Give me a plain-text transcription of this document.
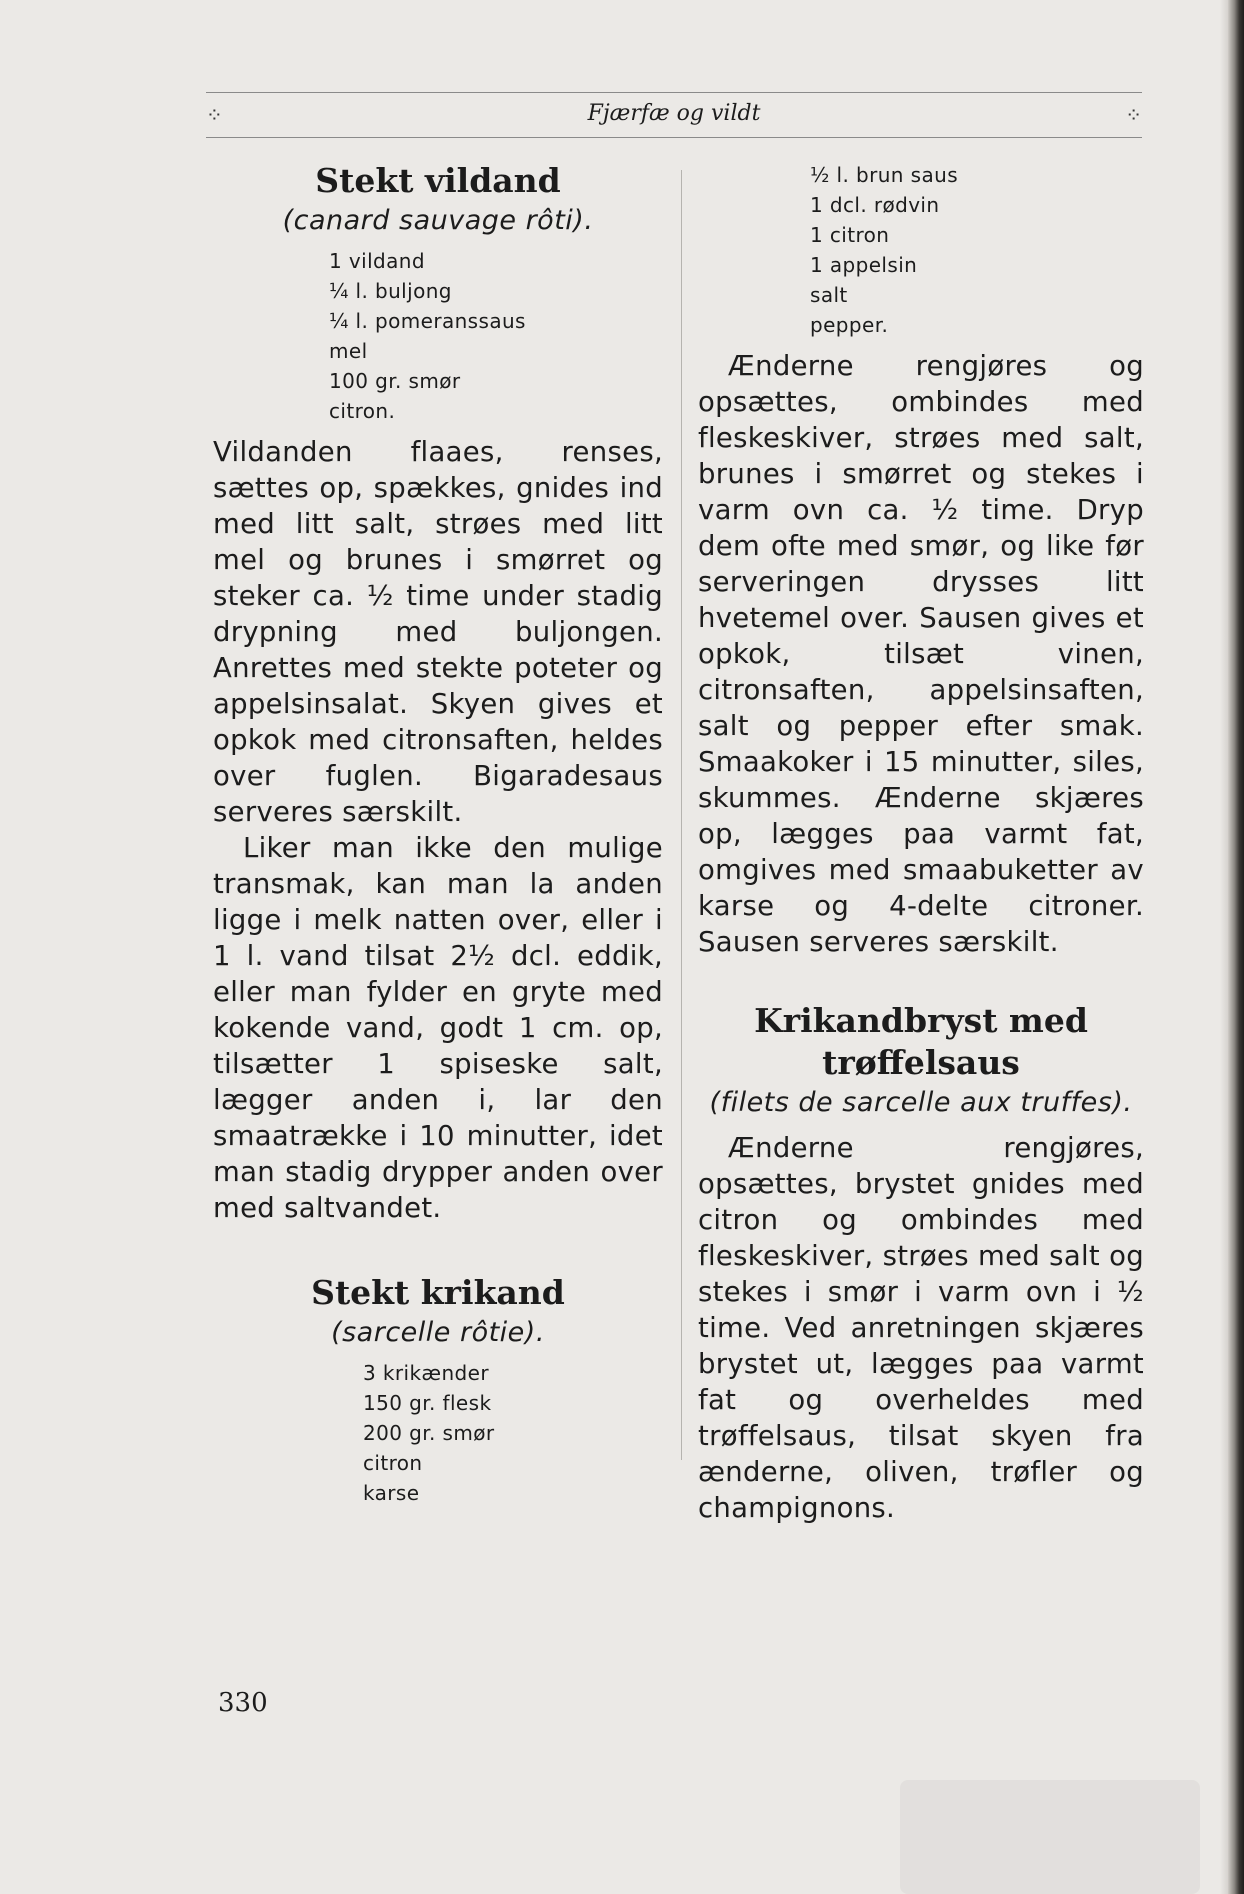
⁘	Fjærfæ og vildt	⁘
Stekt vildand

(canard sauvage rôti).

1 vildand
¼ l. buljong
¼ l. pomeranssaus
mel
100 gr. smør
citron.

Vildanden flaaes, renses, sættes op, spækkes, gnides ind med litt salt, strøes med litt mel og brunes i smørret og steker ca. ½ time under stadig drypning med buljongen. Anrettes med stekte poteter og appelsinsalat. Skyen gives et opkok med citronsaften, heldes over fuglen. Bigaradesaus serveres særskilt.

Liker man ikke den mulige transmak, kan man la anden ligge i melk natten over, eller i 1 l. vand tilsat 2½ dcl. eddik, eller man fylder en gryte med kokende vand, godt 1 cm. op, tilsætter 1 spiseske salt, lægger anden i, lar den smaatrække i 10 minutter, idet man stadig drypper anden over med saltvandet.

Stekt krikand

(sarcelle rôtie).

3 krikænder
150 gr. flesk
200 gr. smør
citron
karse
½ l. brun saus
1 dcl. rødvin
1 citron
1 appelsin
salt
pepper.

Ænderne rengjøres og opsættes, ombindes med fleskeskiver, strøes med salt, brunes i smørret og stekes i varm ovn ca. ½ time. Dryp dem ofte med smør, og like før serveringen drysses litt hvetemel over. Sausen gives et opkok, tilsæt vinen, citronsaften, appelsinsaften, salt og pepper efter smak. Smaakoker i 15 minutter, siles, skummes. Ænderne skjæres op, lægges paa varmt fat, omgives med smaabuketter av karse og 4-delte citroner. Sausen serveres særskilt.

Krikandbryst med
trøffelsaus

(filets de sarcelle aux truffes).

Ænderne rengjøres, opsættes, brystet gnides med citron og ombindes med fleskeskiver, strøes med salt og stekes i smør i varm ovn i ½ time. Ved anretningen skjæres brystet ut, lægges paa varmt fat og overheldes med trøffelsaus, tilsat skyen fra ænderne, oliven, trøfler og champignons.

330
